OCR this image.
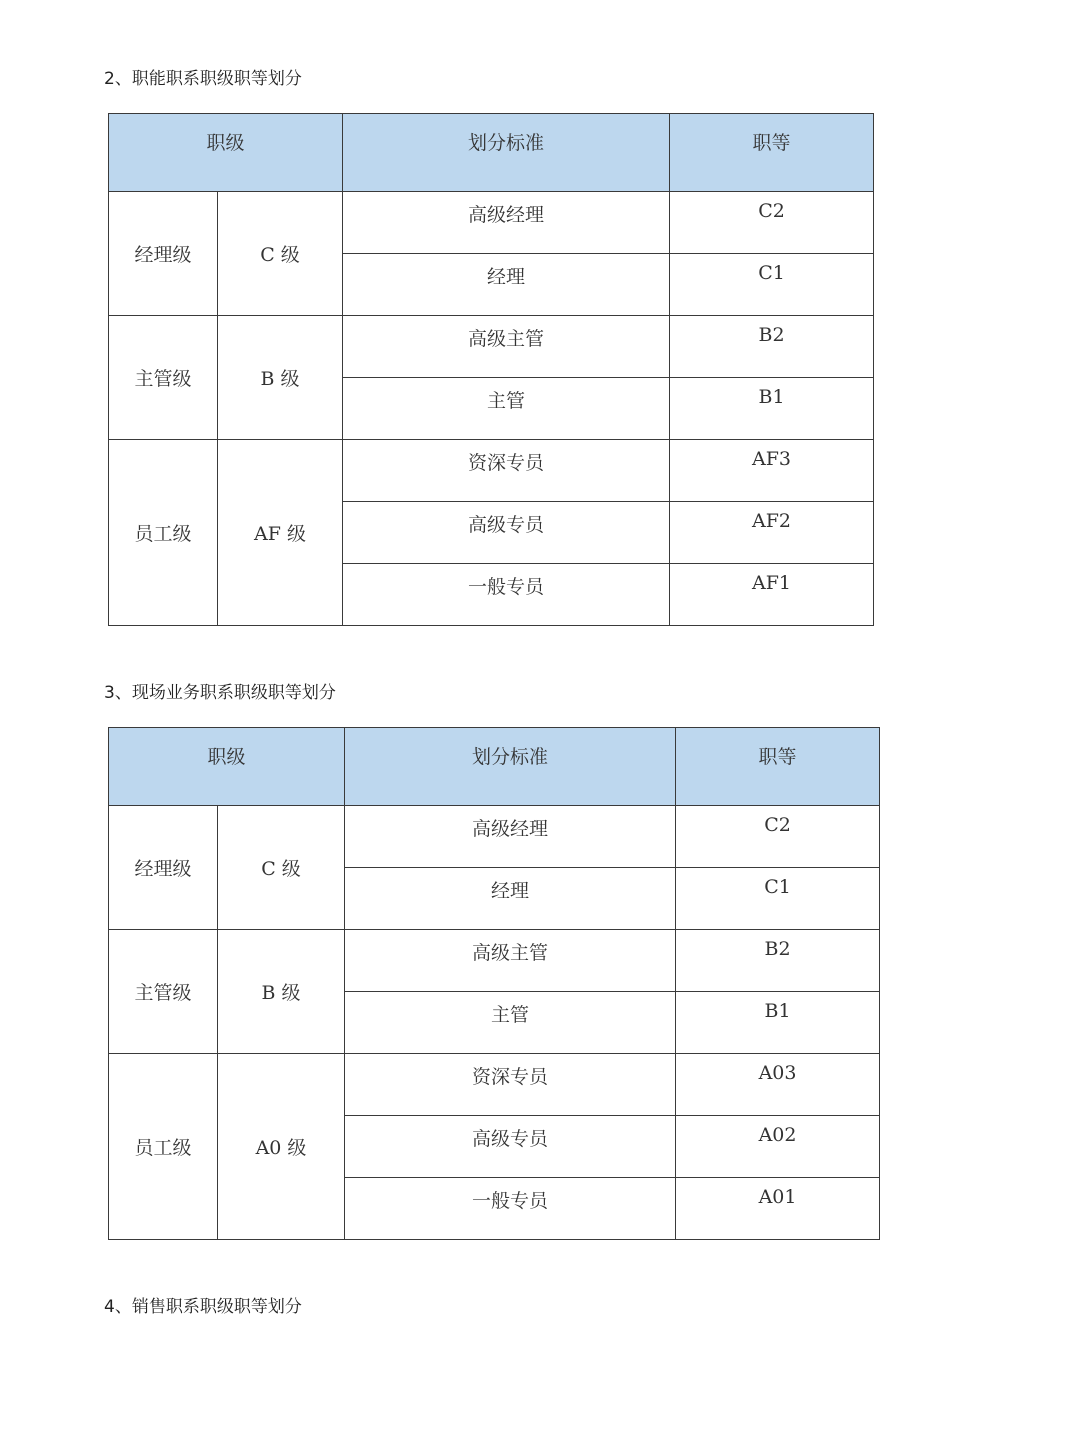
2、职能职系职级职等划分
职级		划分标准	职等
经理级	C 级	高级经理	C2
		经理	C1
主管级	B 级	高级主管	B2
		主管	B1
员工级	AF 级	资深专员	AF3
		高级专员	AF2
		一般专员	AF1
3、现场业务职系职级职等划分
职级		划分标准	职等
经理级	C 级	高级经理	C2
		经理	C1
主管级	B 级	高级主管	B2
		主管	B1
员工级	A0 级	资深专员	A03
		高级专员	A02
		一般专员	A01
4、销售职系职级职等划分
